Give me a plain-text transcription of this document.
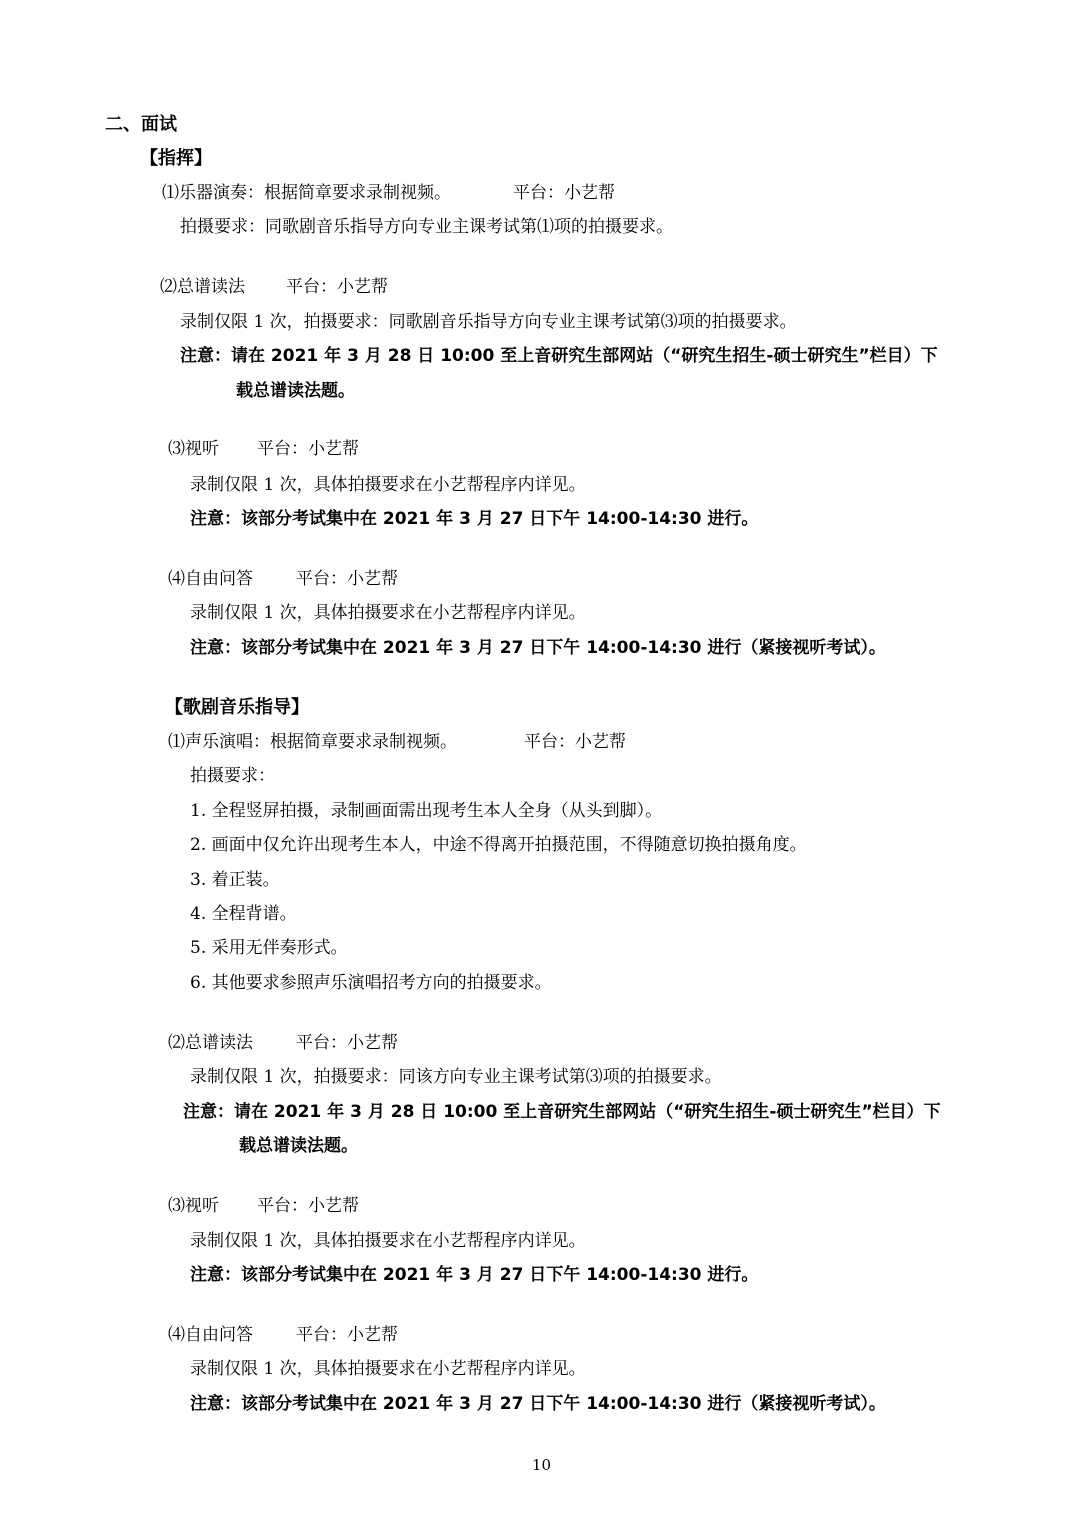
二、面试
【指挥】
⑴乐器演奏：根据简章要求录制视频。	平台：小艺帮
拍摄要求：同歌剧音乐指导方向专业主课考试第⑴项的拍摄要求。
⑵总谱读法 平台：小艺帮
录制仅限 1 次，拍摄要求：同歌剧音乐指导方向专业主课考试第⑶项的拍摄要求。
注意：请在 2021 年 3 月 28 日 10:00 至上音研究生部网站（“研究生招生-硕士研究生”栏目）下
载总谱读法题。
⑶视听 平台：小艺帮
录制仅限 1 次，具体拍摄要求在小艺帮程序内详见。
注意：该部分考试集中在 2021 年 3 月 27 日下午 14:00-14:30 进行。
⑷自由问答	平台：小艺帮
录制仅限 1 次，具体拍摄要求在小艺帮程序内详见。
注意：该部分考试集中在 2021 年 3 月 27 日下午 14:00-14:30 进行（紧接视听考试）。
【歌剧音乐指导】
⑴声乐演唱：根据简章要求录制视频。	平台：小艺帮
拍摄要求：
1. 全程竖屏拍摄，录制画面需出现考生本人全身（从头到脚）。
2. 画面中仅允许出现考生本人，中途不得离开拍摄范围，不得随意切换拍摄角度。
3. 着正装。
4. 全程背谱。
5. 采用无伴奏形式。
6. 其他要求参照声乐演唱招考方向的拍摄要求。
⑵总谱读法	平台：小艺帮
录制仅限 1 次，拍摄要求：同该方向专业主课考试第⑶项的拍摄要求。
注意：请在 2021 年 3 月 28 日 10:00 至上音研究生部网站（“研究生招生-硕士研究生”栏目）下
载总谱读法题。
⑶视听 平台：小艺帮
录制仅限 1 次，具体拍摄要求在小艺帮程序内详见。
注意：该部分考试集中在 2021 年 3 月 27 日下午 14:00-14:30 进行。
⑷自由问答	平台：小艺帮
录制仅限 1 次，具体拍摄要求在小艺帮程序内详见。
注意：该部分考试集中在 2021 年 3 月 27 日下午 14:00-14:30 进行（紧接视听考试）。
10
